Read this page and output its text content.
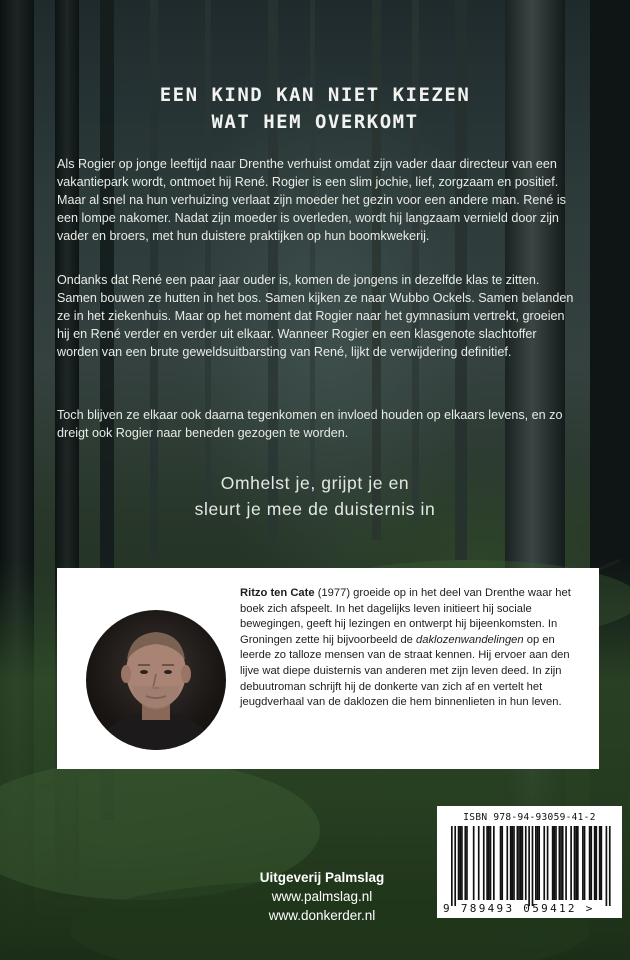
EEN KIND KAN NIET KIEZEN
WAT HEM OVERKOMT

Als Rogier op jonge leeftijd naar Drenthe verhuist omdat zijn vader daar directeur van een vakantiepark wordt, ontmoet hij René. Rogier is een slim jochie, lief, zorgzaam en positief. Maar al snel na hun verhuizing verlaat zijn moeder het gezin voor een andere man. René is een lompe nakomer. Nadat zijn moeder is overleden, wordt hij langzaam vernield door zijn vader en broers, met hun duistere praktijken op hun boomkwekerij.

Ondanks dat René een paar jaar ouder is, komen de jongens in dezelfde klas te zitten. Samen bouwen ze hutten in het bos. Samen kijken ze naar Wubbo Ockels. Samen belanden ze in het ziekenhuis. Maar op het moment dat Rogier naar het gymnasium vertrekt, groeien hij en René verder en verder uit elkaar. Wanneer Rogier en een klasgenote slachtoffer worden van een brute geweldsuitbarsting van René, lijkt de verwijdering definitief.

Toch blijven ze elkaar ook daarna tegenkomen en invloed houden op elkaars levens, en zo dreigt ook Rogier naar beneden gezogen te worden.

Omhelst je, grijpt je en
sleurt je mee de duisternis in

Ritzo ten Cate (1977) groeide op in het deel van Drenthe waar het boek zich afspeelt. In het dagelijks leven initieert hij sociale bewegingen, geeft hij lezingen en ontwerpt hij bijeenkomsten. In Groningen zette hij bijvoorbeeld de daklozenwandelingen op en leerde zo talloze mensen van de straat kennen. Hij ervoer aan den lijve wat diepe duisternis van anderen met zijn leven deed. In zijn debuutroman schrijft hij de donkerte van zich af en vertelt het jeugdverhaal van de daklozen die hem binnenlieten in hun leven.

Uitgeverij Palmslag
www.palmslag.nl
www.donkerder.nl
ISBN 978-94-93059-41-2
9 789493 059412 >
